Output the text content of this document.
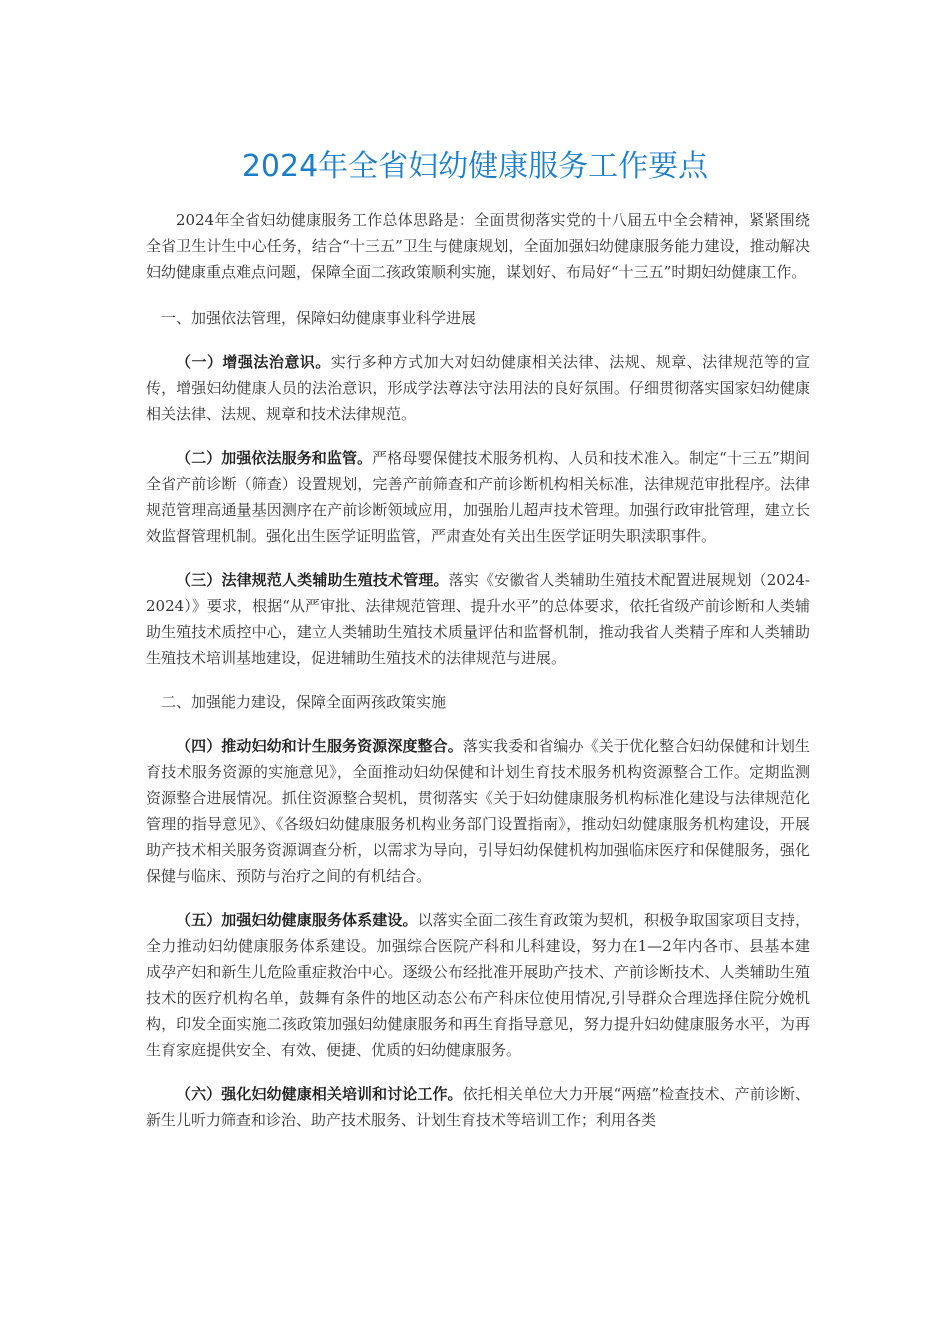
2024年全省妇幼健康服务工作要点

2024年全省妇幼健康服务工作总体思路是：全面贯彻落实党的十八届五中全会精神，紧紧围绕全省卫生计生中心任务，结合“十三五”卫生与健康规划，全面加强妇幼健康服务能力建设，推动解决妇幼健康重点难点问题，保障全面二孩政策顺利实施，谋划好、布局好“十三五”时期妇幼健康工作。

一、加强依法管理，保障妇幼健康事业科学进展

（一）增强法治意识。实行多种方式加大对妇幼健康相关法律、法规、规章、法律规范等的宣传，增强妇幼健康人员的法治意识，形成学法尊法守法用法的良好氛围。仔细贯彻落实国家妇幼健康相关法律、法规、规章和技术法律规范。

（二）加强依法服务和监管。严格母婴保健技术服务机构、人员和技术准入。制定“十三五”期间全省产前诊断（筛查）设置规划，完善产前筛查和产前诊断机构相关标准，法律规范审批程序。法律规范管理高通量基因测序在产前诊断领域应用，加强胎儿超声技术管理。加强行政审批管理，建立长效监督管理机制。强化出生医学证明监管，严肃查处有关出生医学证明失职渎职事件。

（三）法律规范人类辅助生殖技术管理。落实《安徽省人类辅助生殖技术配置进展规划（2024-2024）》要求，根据“从严审批、法律规范管理、提升水平”的总体要求，依托省级产前诊断和人类辅助生殖技术质控中心，建立人类辅助生殖技术质量评估和监督机制，推动我省人类精子库和人类辅助生殖技术培训基地建设，促进辅助生殖技术的法律规范与进展。

二、加强能力建设，保障全面两孩政策实施

（四）推动妇幼和计生服务资源深度整合。落实我委和省编办《关于优化整合妇幼保健和计划生育技术服务资源的实施意见》，全面推动妇幼保健和计划生育技术服务机构资源整合工作。定期监测资源整合进展情况。抓住资源整合契机，贯彻落实《关于妇幼健康服务机构标准化建设与法律规范化管理的指导意见》、《各级妇幼健康服务机构业务部门设置指南》，推动妇幼健康服务机构建设，开展助产技术相关服务资源调查分析，以需求为导向，引导妇幼保健机构加强临床医疗和保健服务，强化保健与临床、预防与治疗之间的有机结合。

（五）加强妇幼健康服务体系建设。以落实全面二孩生育政策为契机，积极争取国家项目支持，全力推动妇幼健康服务体系建设。加强综合医院产科和儿科建设，努力在1—2年内各市、县基本建成孕产妇和新生儿危险重症救治中心。逐级公布经批准开展助产技术、产前诊断技术、人类辅助生殖技术的医疗机构名单，鼓舞有条件的地区动态公布产科床位使用情况,引导群众合理选择住院分娩机构，印发全面实施二孩政策加强妇幼健康服务和再生育指导意见，努力提升妇幼健康服务水平，为再生育家庭提供安全、有效、便捷、优质的妇幼健康服务。

（六）强化妇幼健康相关培训和讨论工作。依托相关单位大力开展“两癌”检查技术、产前诊断、新生儿听力筛查和诊治、助产技术服务、计划生育技术等培训工作；利用各类
